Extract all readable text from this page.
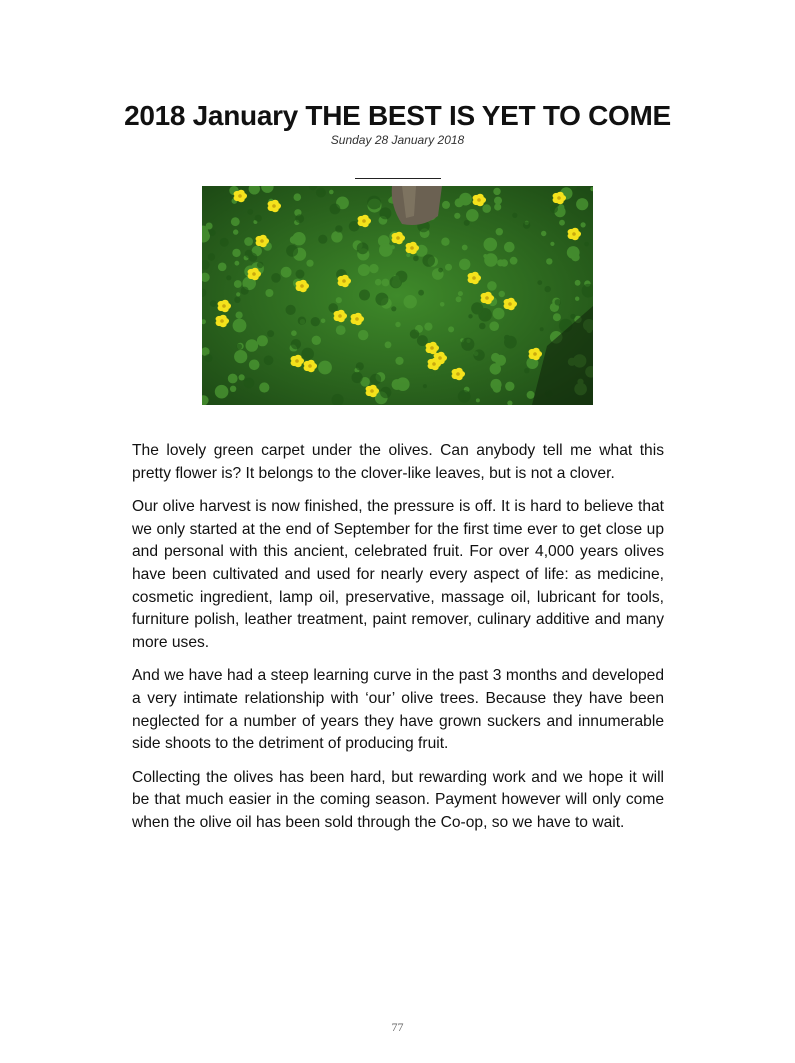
2018 January THE BEST IS YET TO COME
Sunday 28 January 2018

The lovely green carpet under the olives. Can anybody tell me what this pretty flower is? It belongs to the clover-like leaves, but is not a clover.

Our olive harvest is now finished, the pressure is off. It is hard to believe that we only started at the end of September for the first time ever to get close up and personal with this ancient, celebrated fruit. For over 4,000 years olives have been cultivated and used for nearly every aspect of life: as medicine, cosmetic ingredient, lamp oil, preservative, massage oil, lubricant for tools, furniture polish, leather treatment, paint remover, culinary additive and many more uses.

And we have had a steep learning curve in the past 3 months and developed a very intimate relationship with ‘our’ olive trees. Because they have been neglected for a number of years they have grown suckers and innumerable side shoots to the detriment of producing fruit.

Collecting the olives has been hard, but rewarding work and we hope it will be that much easier in the coming season. Payment however will only come when the olive oil has been sold through the Co-op, so we have to wait.

77
